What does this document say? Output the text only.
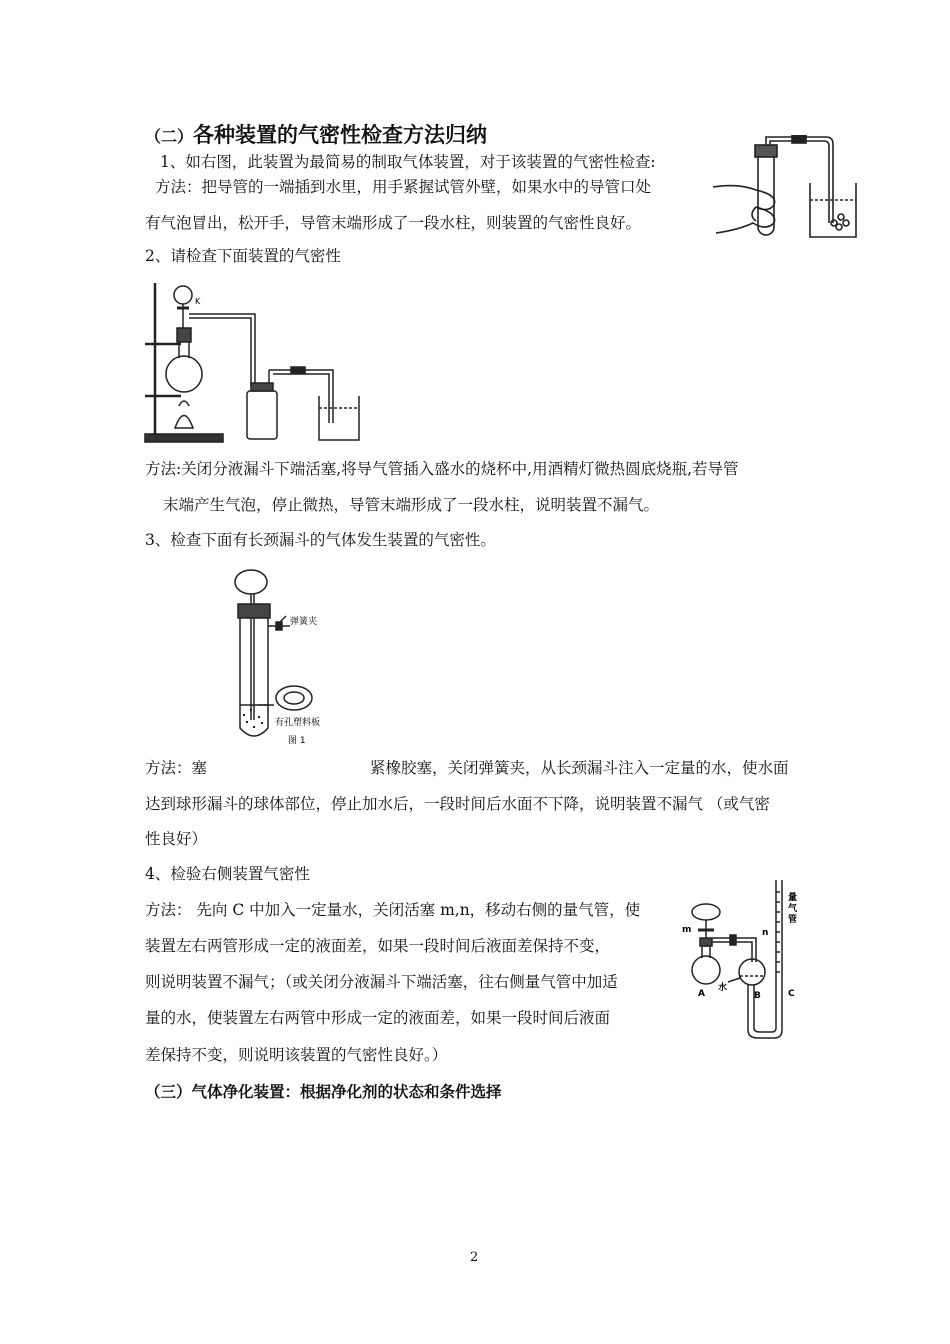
（二）各种装置的气密性检查方法归纳
1、如右图，此装置为最简易的制取气体装置，对于该装置的气密性检查:
方法：把导管的一端插到水里，用手紧握试管外壁，如果水中的导管口处
有气泡冒出，松开手，导管末端形成了一段水柱，则装置的气密性良好。
2、请检查下面装置的气密性
K
方法:关闭分液漏斗下端活塞,将导气管插入盛水的烧杯中,用酒精灯微热圆底烧瓶,若导管
末端产生气泡，停止微热，导管末端形成了一段水柱，说明装置不漏气。
3、检查下面有长颈漏斗的气体发生装置的气密性。
弹簧夹
有孔塑料板
图 1
方法：塞	紧橡胶塞，关闭弹簧夹，从长颈漏斗注入一定量的水，使水面
达到球形漏斗的球体部位，停止加水后，一段时间后水面不下降，说明装置不漏气 （或气密
性良好）
4、检验右侧装置气密性
方法： 先向 C 中加入一定量水，关闭活塞 m,n，移动右侧的量气管，使
装置左右两管形成一定的液面差，如果一段时间后液面差保持不变，
则说明装置不漏气；（或关闭分液漏斗下端活塞，往右侧量气管中加适
量的水，使装置左右两管中形成一定的液面差，如果一段时间后液面
差保持不变，则说明该装置的气密性良好。）
m	n
A	B	C
水
量气管
（三）气体净化装置：根据净化剂的状态和条件选择
2
